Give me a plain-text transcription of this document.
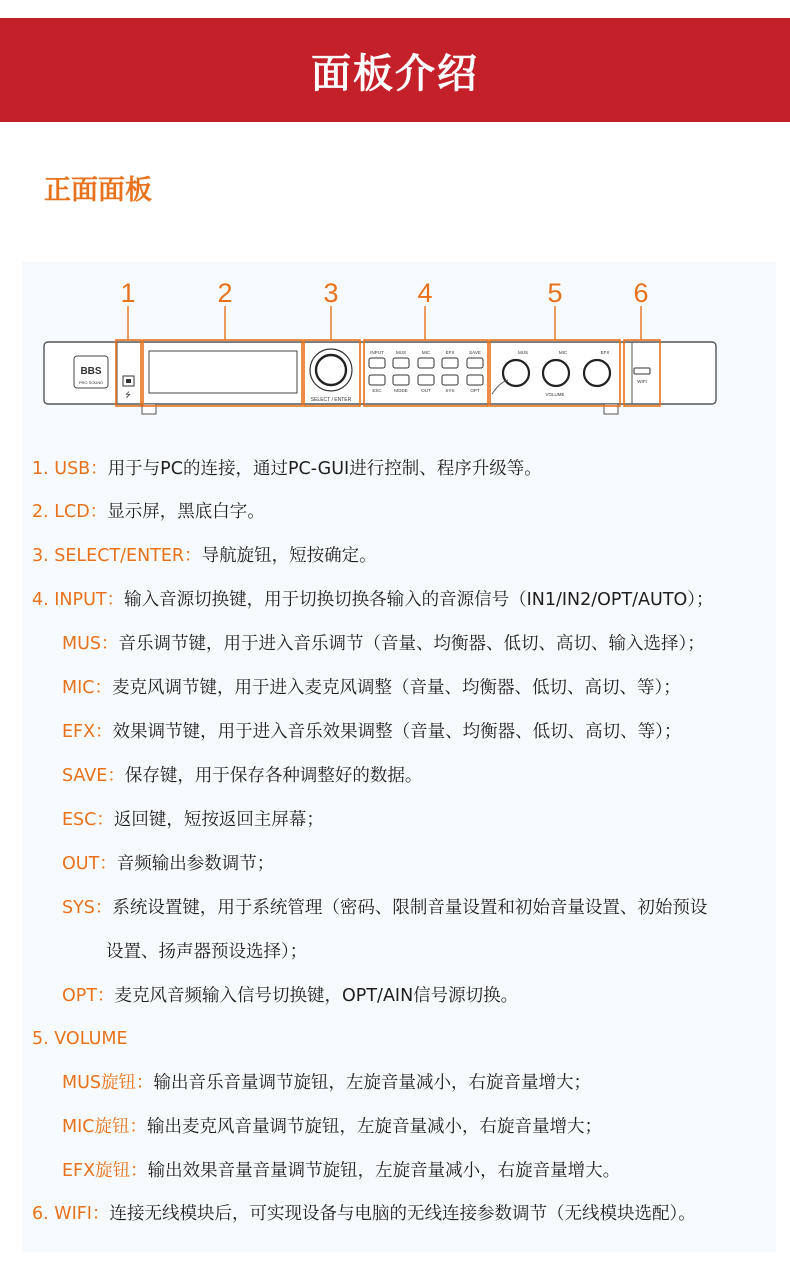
面板介绍
正面面板
1	2	3	4	5	6
BBS
PRO SOUND
⭍
SELECT / ENTER
INPUT	MUS	MIC	EFX	SAVE
ESC	MODE	OUT	SYS	OPT
MUS	MIC	EFX
VOLUME
WIFI
1. USB：用于与PC的连接，通过PC-GUI进行控制、程序升级等。
2. LCD：显示屏，黑底白字。
3. SELECT/ENTER：导航旋钮，短按确定。
4. INPUT：输入音源切换键，用于切换切换各输入的音源信号（IN1/IN2/OPT/AUTO）；
MUS：音乐调节键，用于进入音乐调节（音量、均衡器、低切、高切、输入选择）；
MIC：麦克风调节键，用于进入麦克风调整（音量、均衡器、低切、高切、等）；
EFX：效果调节键，用于进入音乐效果调整（音量、均衡器、低切、高切、等）；
SAVE：保存键，用于保存各种调整好的数据。
ESC：返回键，短按返回主屏幕；
OUT：音频输出参数调节；
SYS：系统设置键，用于系统管理（密码、限制音量设置和初始音量设置、初始预设
设置、扬声器预设选择）；
OPT：麦克风音频输入信号切换键，OPT/AIN信号源切换。
5. VOLUME
MUS旋钮：输出音乐音量调节旋钮，左旋音量减小，右旋音量增大；
MIC旋钮：输出麦克风音量调节旋钮，左旋音量减小，右旋音量增大；
EFX旋钮：输出效果音量音量调节旋钮，左旋音量减小，右旋音量增大。
6. WIFI：连接无线模块后，可实现设备与电脑的无线连接参数调节（无线模块选配）。
